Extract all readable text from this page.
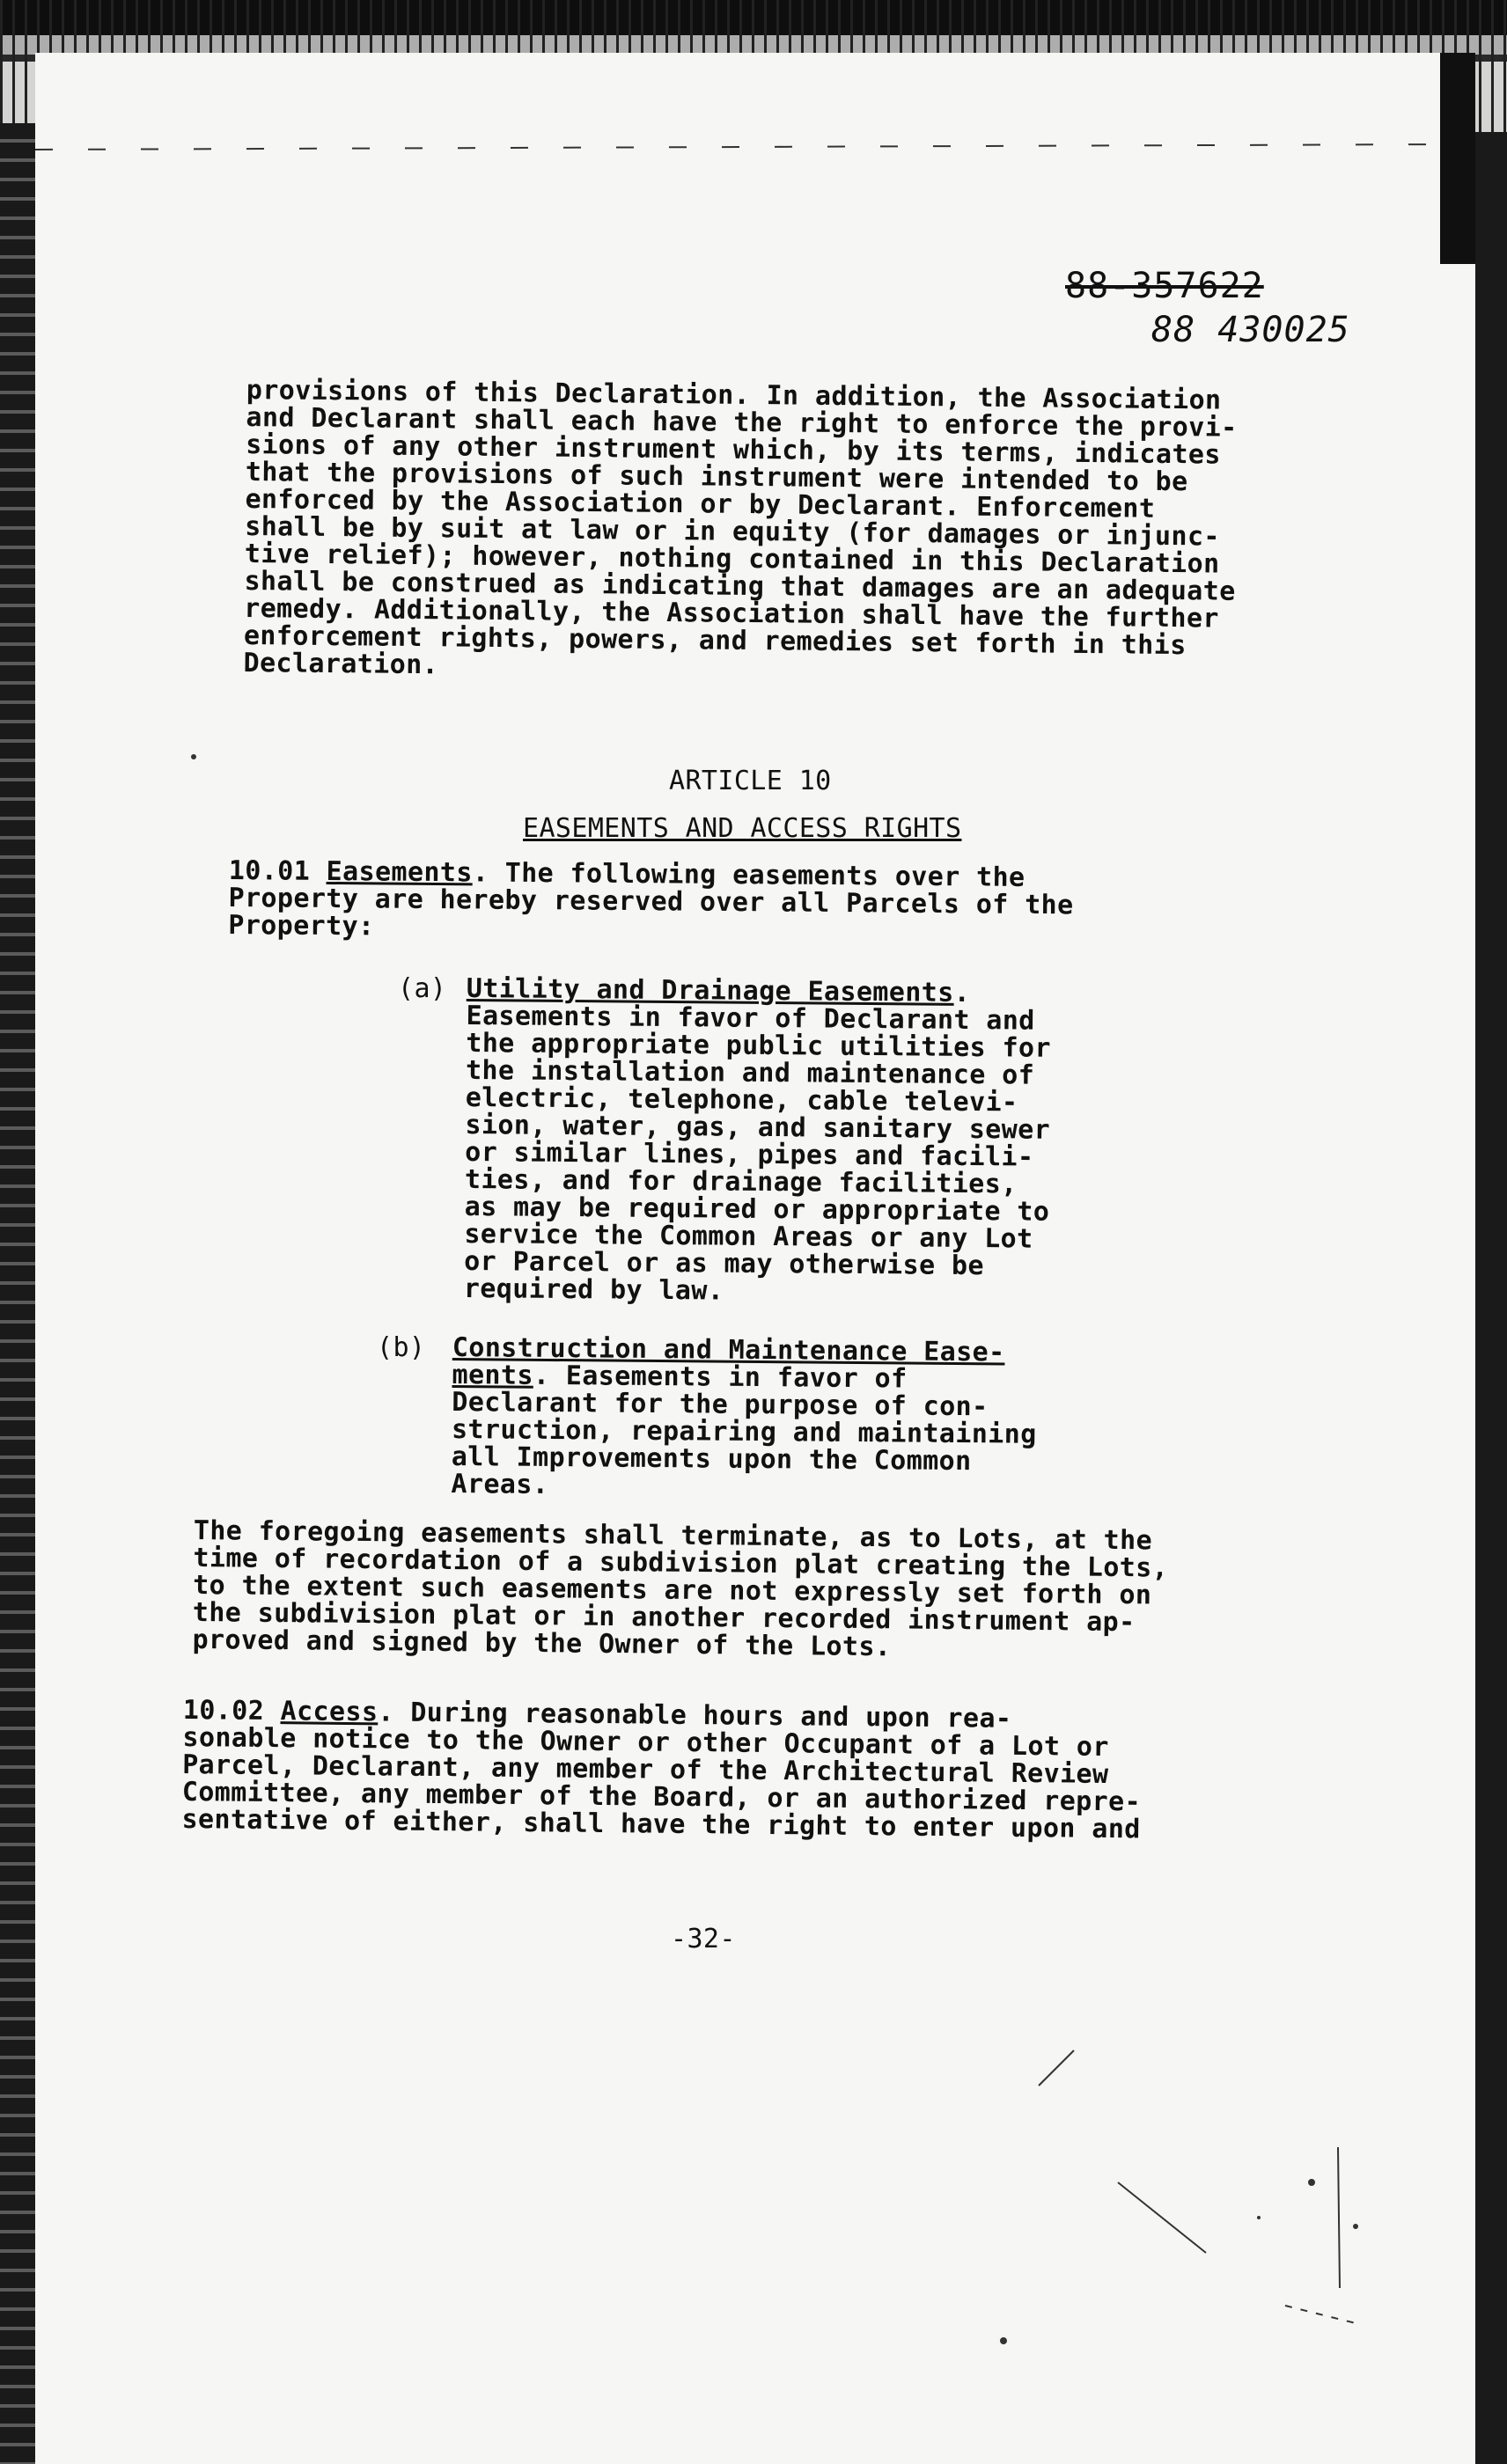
88-357622
88 430025
provisions of this Declaration. In addition, the Association
and Declarant shall each have the right to enforce the provi-
sions of any other instrument which, by its terms, indicates
that the provisions of such instrument were intended to be
enforced by the Association or by Declarant. Enforcement
shall be by suit at law or in equity (for damages or injunc-
tive relief); however, nothing contained in this Declaration
shall be construed as indicating that damages are an adequate
remedy. Additionally, the Association shall have the further
enforcement rights, powers, and remedies set forth in this
Declaration.
ARTICLE 10
EASEMENTS AND ACCESS RIGHTS
10.01 Easements. The following easements over the
Property are hereby reserved over all Parcels of the
Property:
(a) Utility and Drainage Easements.
Easements in favor of Declarant and
the appropriate public utilities for
the installation and maintenance of
electric, telephone, cable televi-
sion, water, gas, and sanitary sewer
or similar lines, pipes and facili-
ties, and for drainage facilities,
as may be required or appropriate to
service the Common Areas or any Lot
or Parcel or as may otherwise be
required by law.
(b) Construction and Maintenance Ease-
ments. Easements in favor of
Declarant for the purpose of con-
struction, repairing and maintaining
all Improvements upon the Common
Areas.
The foregoing easements shall terminate, as to Lots, at the
time of recordation of a subdivision plat creating the Lots,
to the extent such easements are not expressly set forth on
the subdivision plat or in another recorded instrument ap-
proved and signed by the Owner of the Lots.
10.02 Access. During reasonable hours and upon rea-
sonable notice to the Owner or other Occupant of a Lot or
Parcel, Declarant, any member of the Architectural Review
Committee, any member of the Board, or an authorized repre-
sentative of either, shall have the right to enter upon and
-32-
